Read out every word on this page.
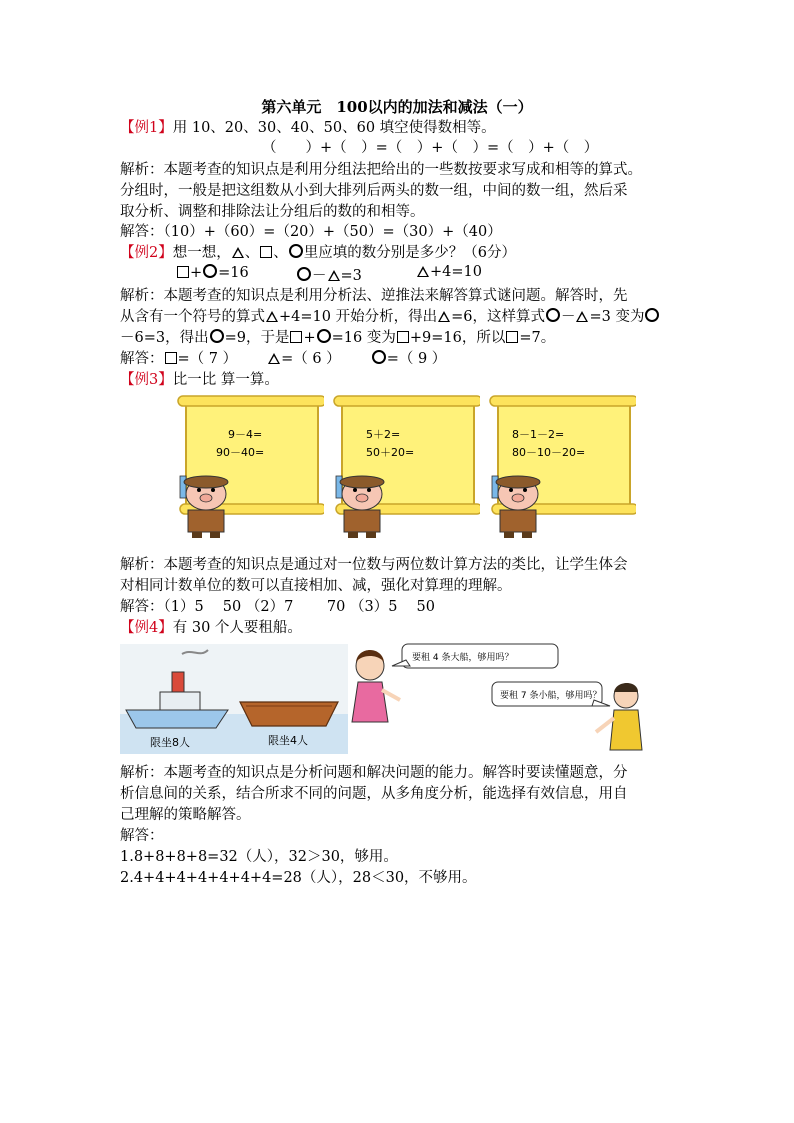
第六单元　100以内的加法和减法（一）
【例1】用 10、20、30、40、50、60 填空使得数相等。
（　　）+（　）=（　）+（　）=（　）+（　）
解析：本题考查的知识点是利用分组法把给出的一些数按要求写成和相等的算式。
分组时，一般是把这组数从小到大排列后两头的数一组，中间的数一组，然后采
取分析、调整和排除法让分组后的数的和相等。
解答：（10）+（60）=（20）+（50）=（30）+（40）
【例2】想一想， 、 、 里应填的数分别是多少？（6分）
+ =16	－ =3	+4=10
解析：本题考查的知识点是利用分析法、逆推法来解答算式谜问题。解答时，先
从含有一个符号的算式 +4=10 开始分析，得出 =6，这样算式 － =3 变为
－6=3，得出 =9，于是 + =16 变为 +9=16，所以 =7。
解答： =（ 7 ）	=（ 6 ）	=（ 9 ）
【例3】比一比 算一算。
9－4=
90－40=
5＋2=
50＋20=
8－1－2=
80－10－20=
解析：本题考查的知识点是通过对一位数与两位数计算方法的类比，让学生体会
对相同计数单位的数可以直接相加、减，强化对算理的理解。
解答：（1）5　 50 （2）7　　 70 （3）5　 50
【例4】有 30 个人要租船。
限坐8人	限坐4人
要租 4 条大船，够用吗？
要租 7 条小船，够用吗？
解析：本题考查的知识点是分析问题和解决问题的能力。解答时要读懂题意，分
析信息间的关系，结合所求不同的问题，从多角度分析，能选择有效信息，用自
己理解的策略解答。
解答：
1.8+8+8+8=32（人），32＞30，够用。
2.4+4+4+4+4+4+4=28（人），28＜30，不够用。
